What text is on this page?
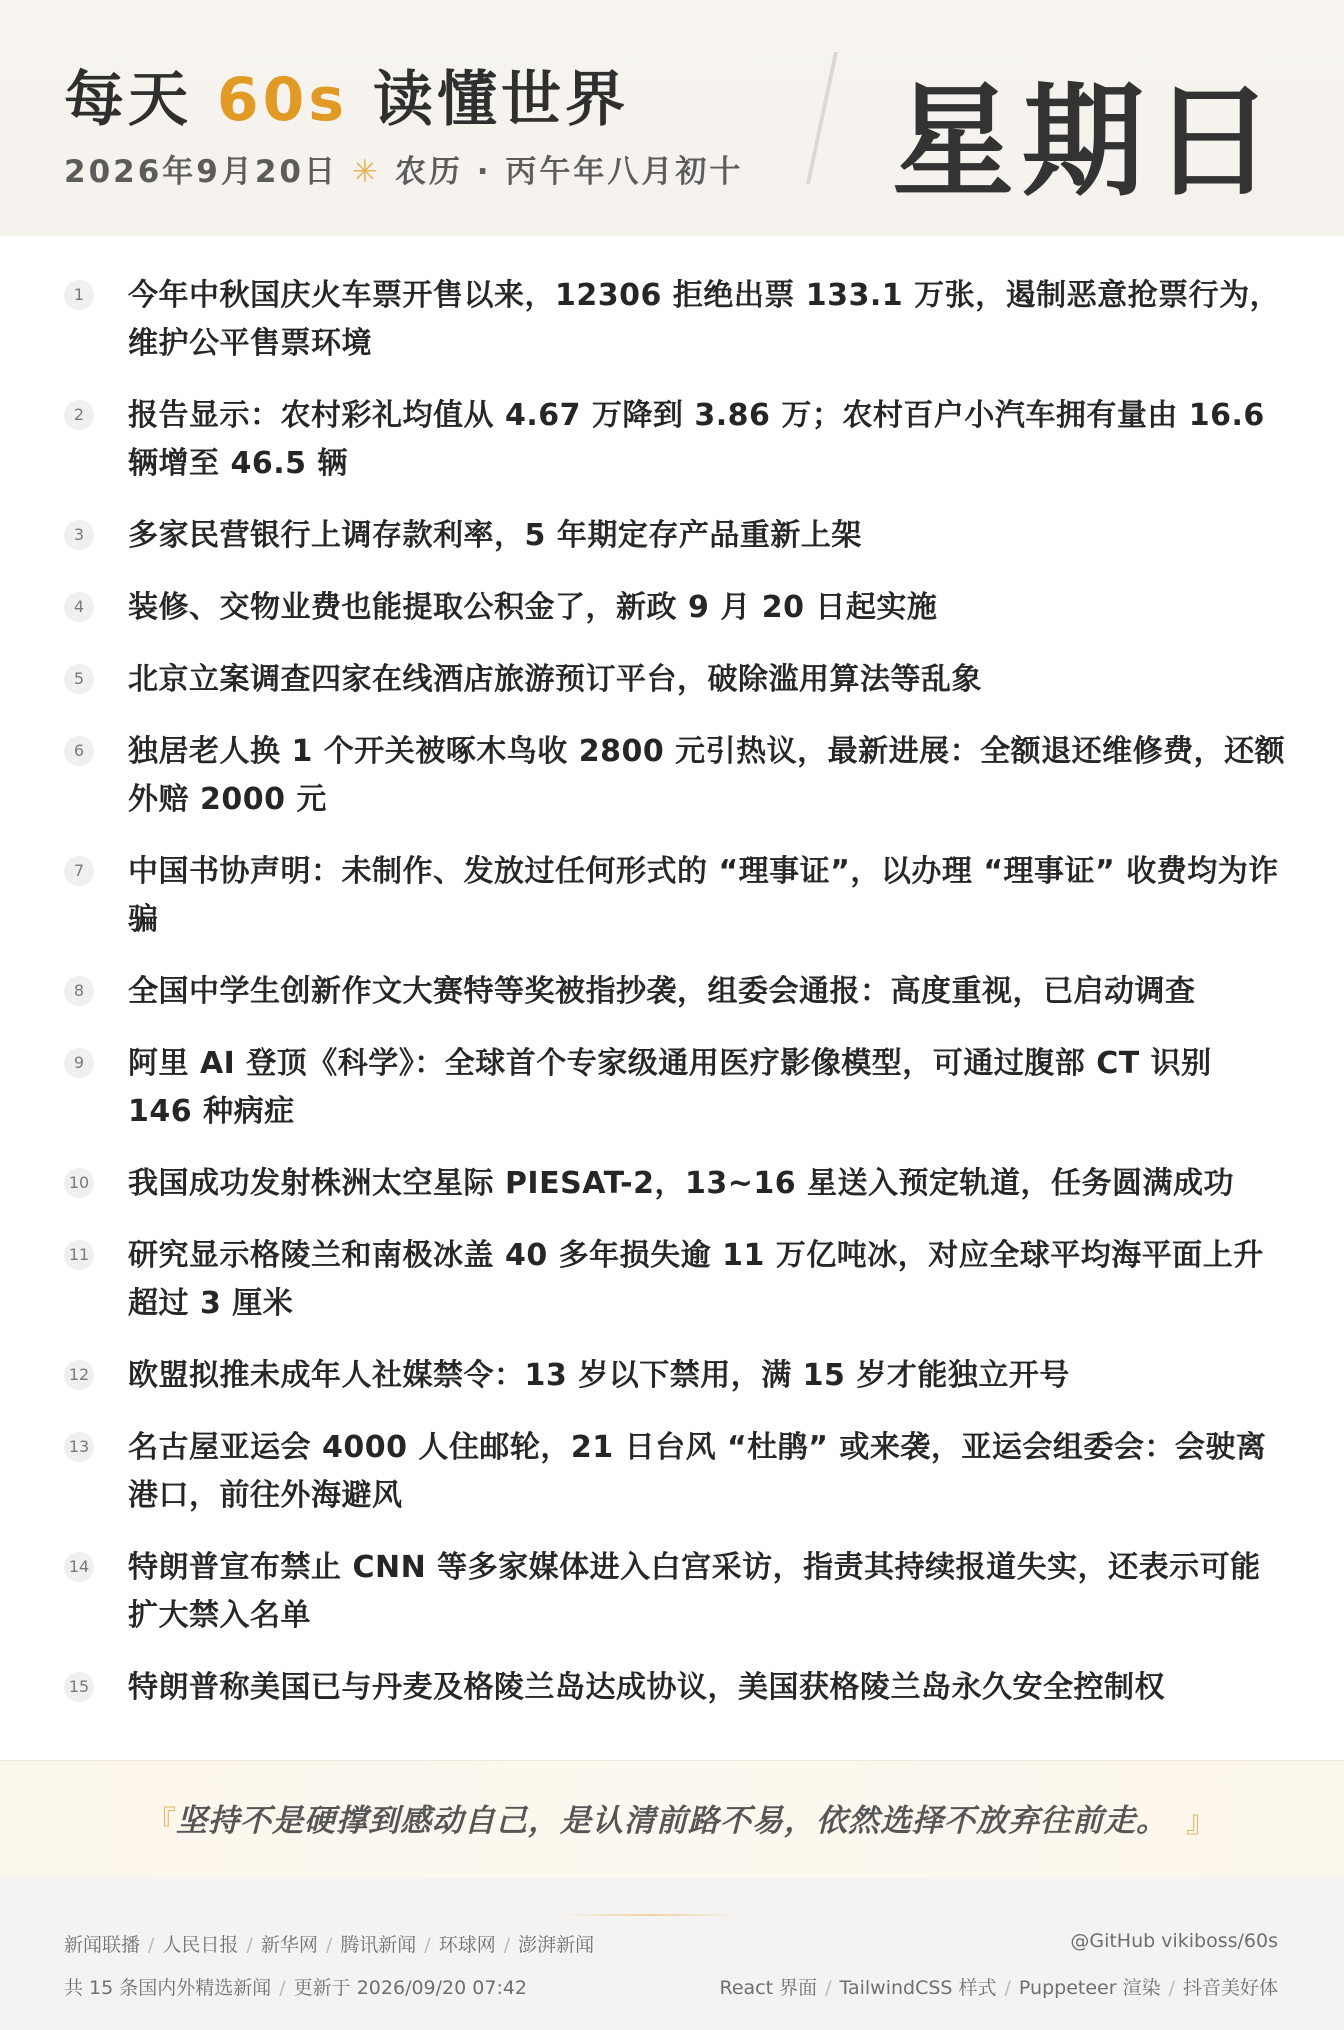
每天 60s 读懂世界
2026年9月20日 ✳ 农历 · 丙午年八月初十 星期日
1	今年中秋国庆火车票开售以来，12306 拒绝出票 133.1 万张，遏制恶意抢票行为，维护公平售票环境
2	报告显示：农村彩礼均值从 4.67 万降到 3.86 万；农村百户小汽车拥有量由 16.6 辆增至 46.5 辆
3	多家民营银行上调存款利率，5 年期定存产品重新上架
4	装修、交物业费也能提取公积金了，新政 9 月 20 日起实施
5	北京立案调查四家在线酒店旅游预订平台，破除滥用算法等乱象
6	独居老人换 1 个开关被啄木鸟收 2800 元引热议，最新进展：全额退还维修费，还额外赔 2000 元
7	中国书协声明：未制作、发放过任何形式的 “理事证”，以办理 “理事证” 收费均为诈骗
8	全国中学生创新作文大赛特等奖被指抄袭，组委会通报：高度重视，已启动调查
9	阿里 AI 登顶《科学》：全球首个专家级通用医疗影像模型，可通过腹部 CT 识别 146 种病症
10 我国成功发射株洲太空星际 PIESAT-2，13~16 星送入预定轨道，任务圆满成功
11 研究显示格陵兰和南极冰盖 40 多年损失逾 11 万亿吨冰，对应全球平均海平面上升超过 3 厘米
12 欧盟拟推未成年人社媒禁令：13 岁以下禁用，满 15 岁才能独立开号
13 名古屋亚运会 4000 人住邮轮，21 日台风 “杜鹃” 或来袭，亚运会组委会：会驶离港口，前往外海避风
14 特朗普宣布禁止 CNN 等多家媒体进入白宫采访，指责其持续报道失实，还表示可能扩大禁入名单
15 特朗普称美国已与丹麦及格陵兰岛达成协议，美国获格陵兰岛永久安全控制权
『 坚持不是硬撑到感动自己，是认清前路不易，依然选择不放弃往前走。 』
新闻联播 / 人民日报 / 新华网 / 腾讯新闻 / 环球网 / 澎湃新闻	@GitHub vikiboss/60s
共 15 条国内外精选新闻 / 更新于 2026/09/20 07:42	React 界面 / TailwindCSS 样式 / Puppeteer 渲染 / 抖音美好体
